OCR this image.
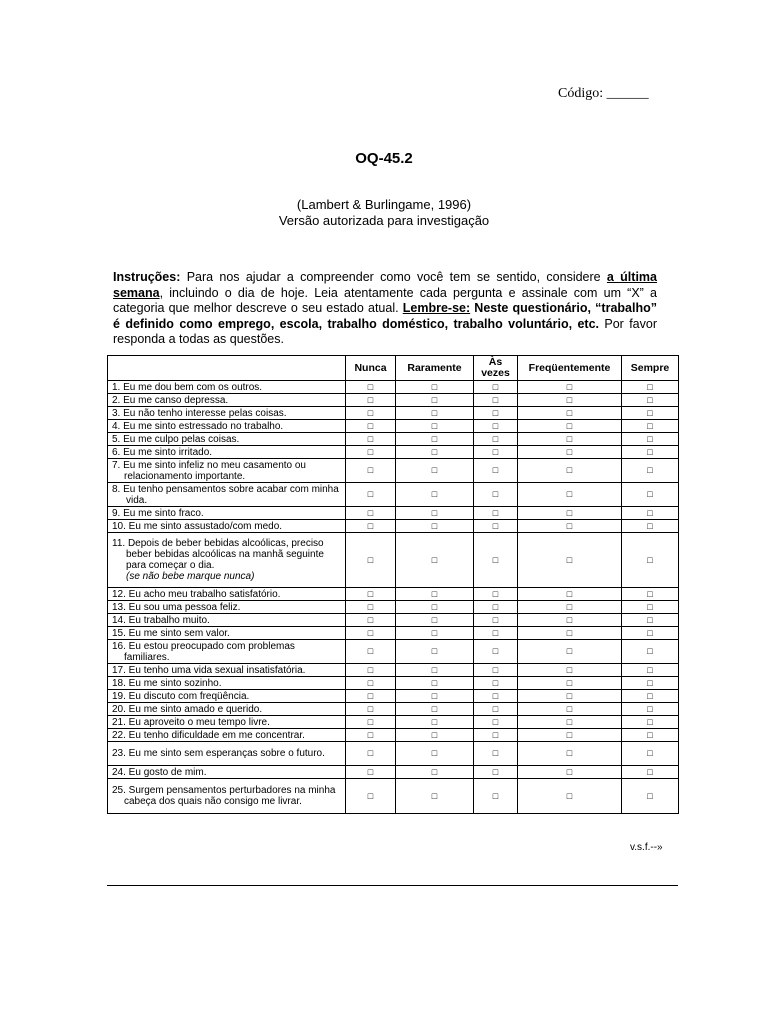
Código: ______
OQ-45.2
(Lambert & Burlingame, 1996)
Versão autorizada para investigação
Instruções: Para nos ajudar a compreender como você tem se sentido, considere a última semana, incluindo o dia de hoje. Leia atentamente cada pergunta e assinale com um “X” a categoria que melhor descreve o seu estado atual. Lembre-se: Neste questionário, “trabalho” é definido como emprego, escola, trabalho doméstico, trabalho voluntário, etc. Por favor responda a todas as questões.
	Nunca	Raramente	Às vezes	Freqüentemente	Sempre
1. Eu me dou bem com os outros.	□	□	□	□	□
2. Eu me canso depressa.	□	□	□	□	□
3. Eu não tenho interesse pelas coisas.	□	□	□	□	□
4. Eu me sinto estressado no trabalho.	□	□	□	□	□
5. Eu me culpo pelas coisas.	□	□	□	□	□
6. Eu me sinto irritado.	□	□	□	□	□
7. Eu me sinto infeliz no meu casamento ou relacionamento importante.	□	□	□	□	□
8. Eu tenho pensamentos sobre acabar com minha vida.	□	□	□	□	□
9. Eu me sinto fraco.	□	□	□	□	□
10. Eu me sinto assustado/com medo.	□	□	□	□	□
11. Depois de beber bebidas alcoólicas, preciso beber bebidas alcoólicas na manhã seguinte para começar o dia.
(se não bebe marque nunca)	□	□	□	□	□
12. Eu acho meu trabalho satisfatório.	□	□	□	□	□
13. Eu sou uma pessoa feliz.	□	□	□	□	□
14. Eu trabalho muito.	□	□	□	□	□
15. Eu me sinto sem valor.	□	□	□	□	□
16. Eu estou preocupado com problemas familiares.	□	□	□	□	□
17. Eu tenho uma vida sexual insatisfatória.	□	□	□	□	□
18. Eu me sinto sozinho.	□	□	□	□	□
19. Eu discuto com freqüência.	□	□	□	□	□
20. Eu me sinto amado e querido.	□	□	□	□	□
21. Eu aproveito o meu tempo livre.	□	□	□	□	□
22. Eu tenho dificuldade em me concentrar.	□	□	□	□	□
23. Eu me sinto sem esperanças sobre o futuro.	□	□	□	□	□
24. Eu gosto de mim.	□	□	□	□	□
25. Surgem pensamentos perturbadores na minha cabeça dos quais não consigo me livrar.	□	□	□	□	□
v.s.f.--»
